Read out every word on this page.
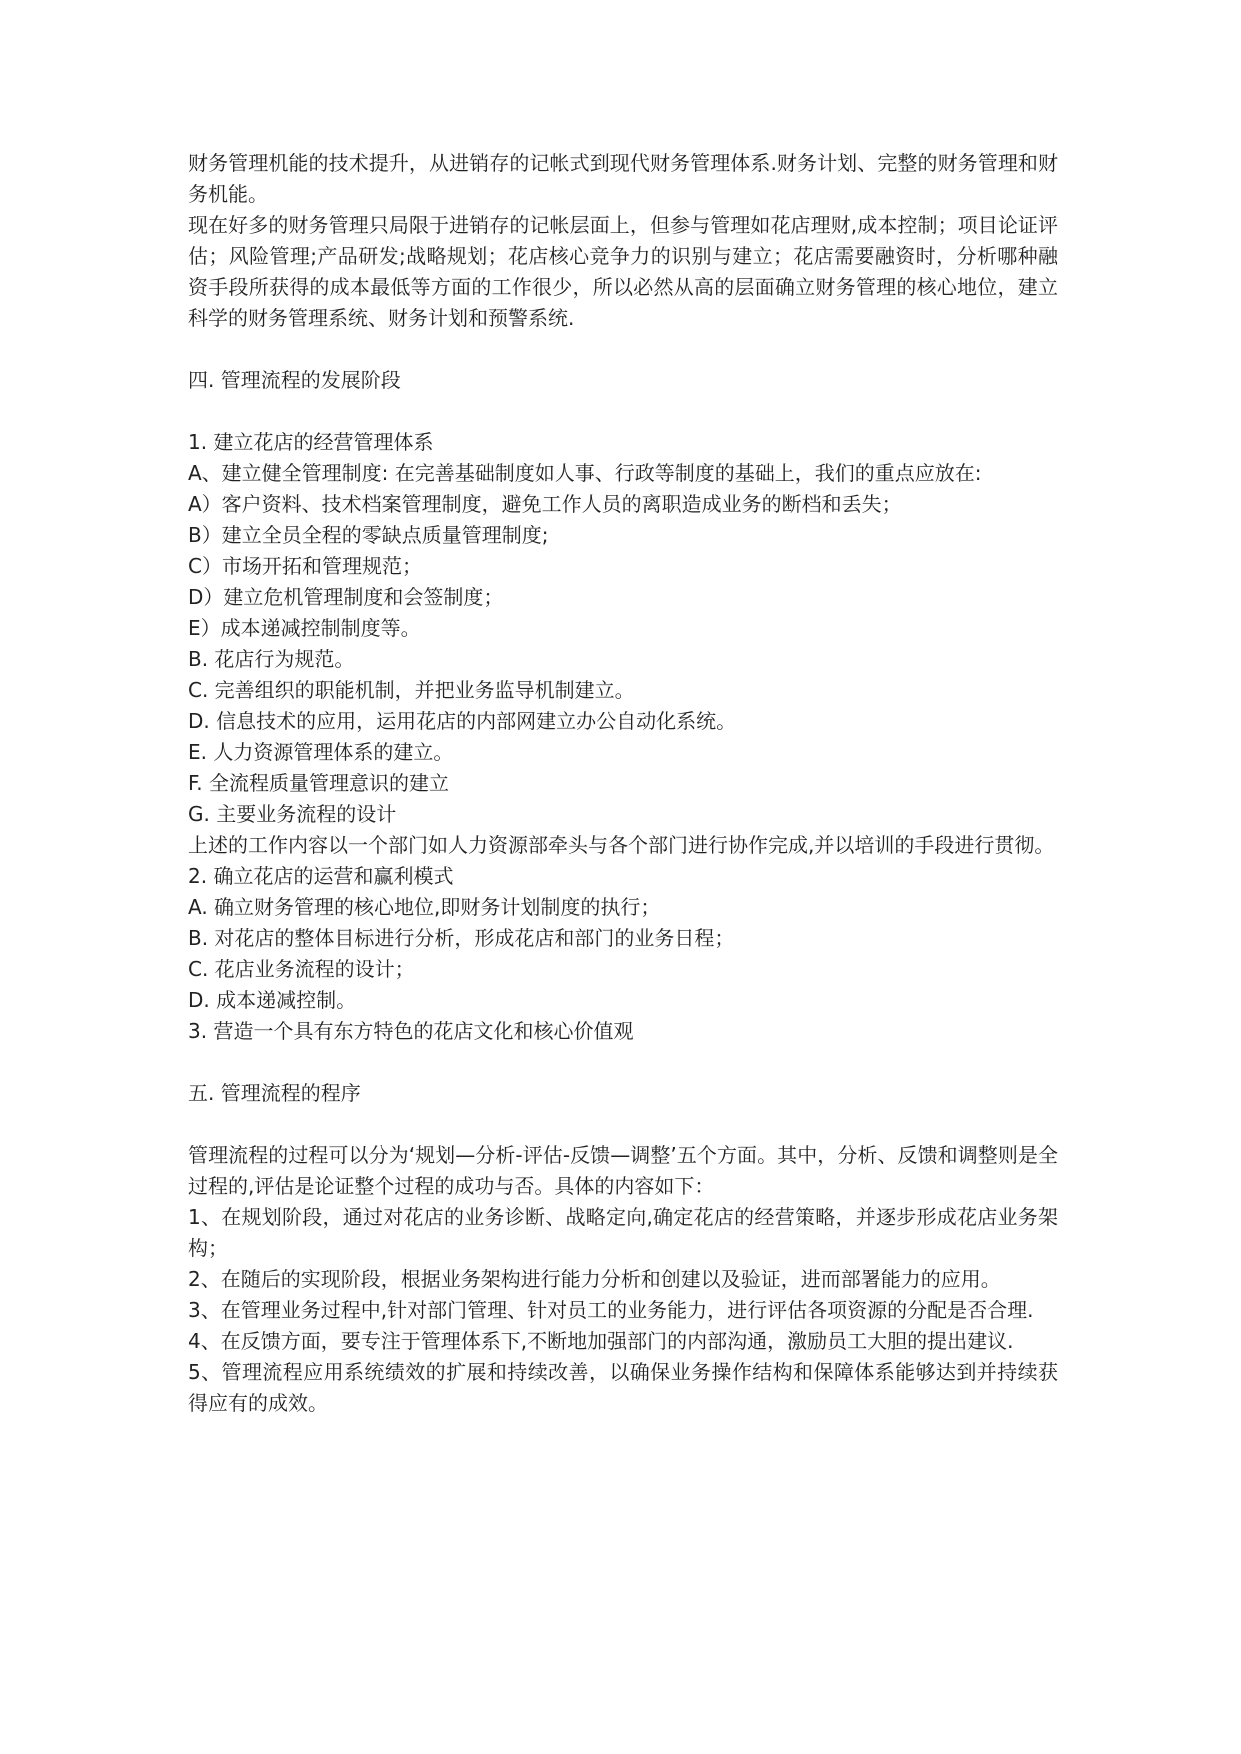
财务管理机能的技术提升，从进销存的记帐式到现代财务管理体系.财务计划、完整的财务管理和财务机能。

现在好多的财务管理只局限于进销存的记帐层面上，但参与管理如花店理财,成本控制；项目论证评估；风险管理;产品研发;战略规划；花店核心竞争力的识别与建立；花店需要融资时，分析哪种融资手段所获得的成本最低等方面的工作很少，所以必然从高的层面确立财务管理的核心地位，建立科学的财务管理系统、财务计划和预警系统.

四. 管理流程的发展阶段

1. 建立花店的经营管理体系

A、建立健全管理制度: 在完善基础制度如人事、行政等制度的基础上，我们的重点应放在:

A）客户资料、技术档案管理制度，避免工作人员的离职造成业务的断档和丢失；

B）建立全员全程的零缺点质量管理制度;

C）市场开拓和管理规范；

D）建立危机管理制度和会签制度；

E）成本递减控制制度等。

B. 花店行为规范。

C. 完善组织的职能机制，并把业务监导机制建立。

D. 信息技术的应用，运用花店的内部网建立办公自动化系统。

E. 人力资源管理体系的建立。

F. 全流程质量管理意识的建立

G. 主要业务流程的设计

上述的工作内容以一个部门如人力资源部牵头与各个部门进行协作完成,并以培训的手段进行贯彻。

2. 确立花店的运营和赢利模式

A. 确立财务管理的核心地位,即财务计划制度的执行；

B. 对花店的整体目标进行分析，形成花店和部门的业务日程；

C. 花店业务流程的设计；

D. 成本递减控制。

3. 营造一个具有东方特色的花店文化和核心价值观

五. 管理流程的程序

管理流程的过程可以分为‘规划—分析-评估-反馈—调整’五个方面。其中，分析、反馈和调整则是全过程的,评估是论证整个过程的成功与否。具体的内容如下：

1、在规划阶段，通过对花店的业务诊断、战略定向,确定花店的经营策略，并逐步形成花店业务架构；

2、在随后的实现阶段，根据业务架构进行能力分析和创建以及验证，进而部署能力的应用。

3、在管理业务过程中,针对部门管理、针对员工的业务能力，进行评估各项资源的分配是否合理.

4、在反馈方面，要专注于管理体系下,不断地加强部门的内部沟通，激励员工大胆的提出建议.

5、管理流程应用系统绩效的扩展和持续改善，以确保业务操作结构和保障体系能够达到并持续获得应有的成效。
